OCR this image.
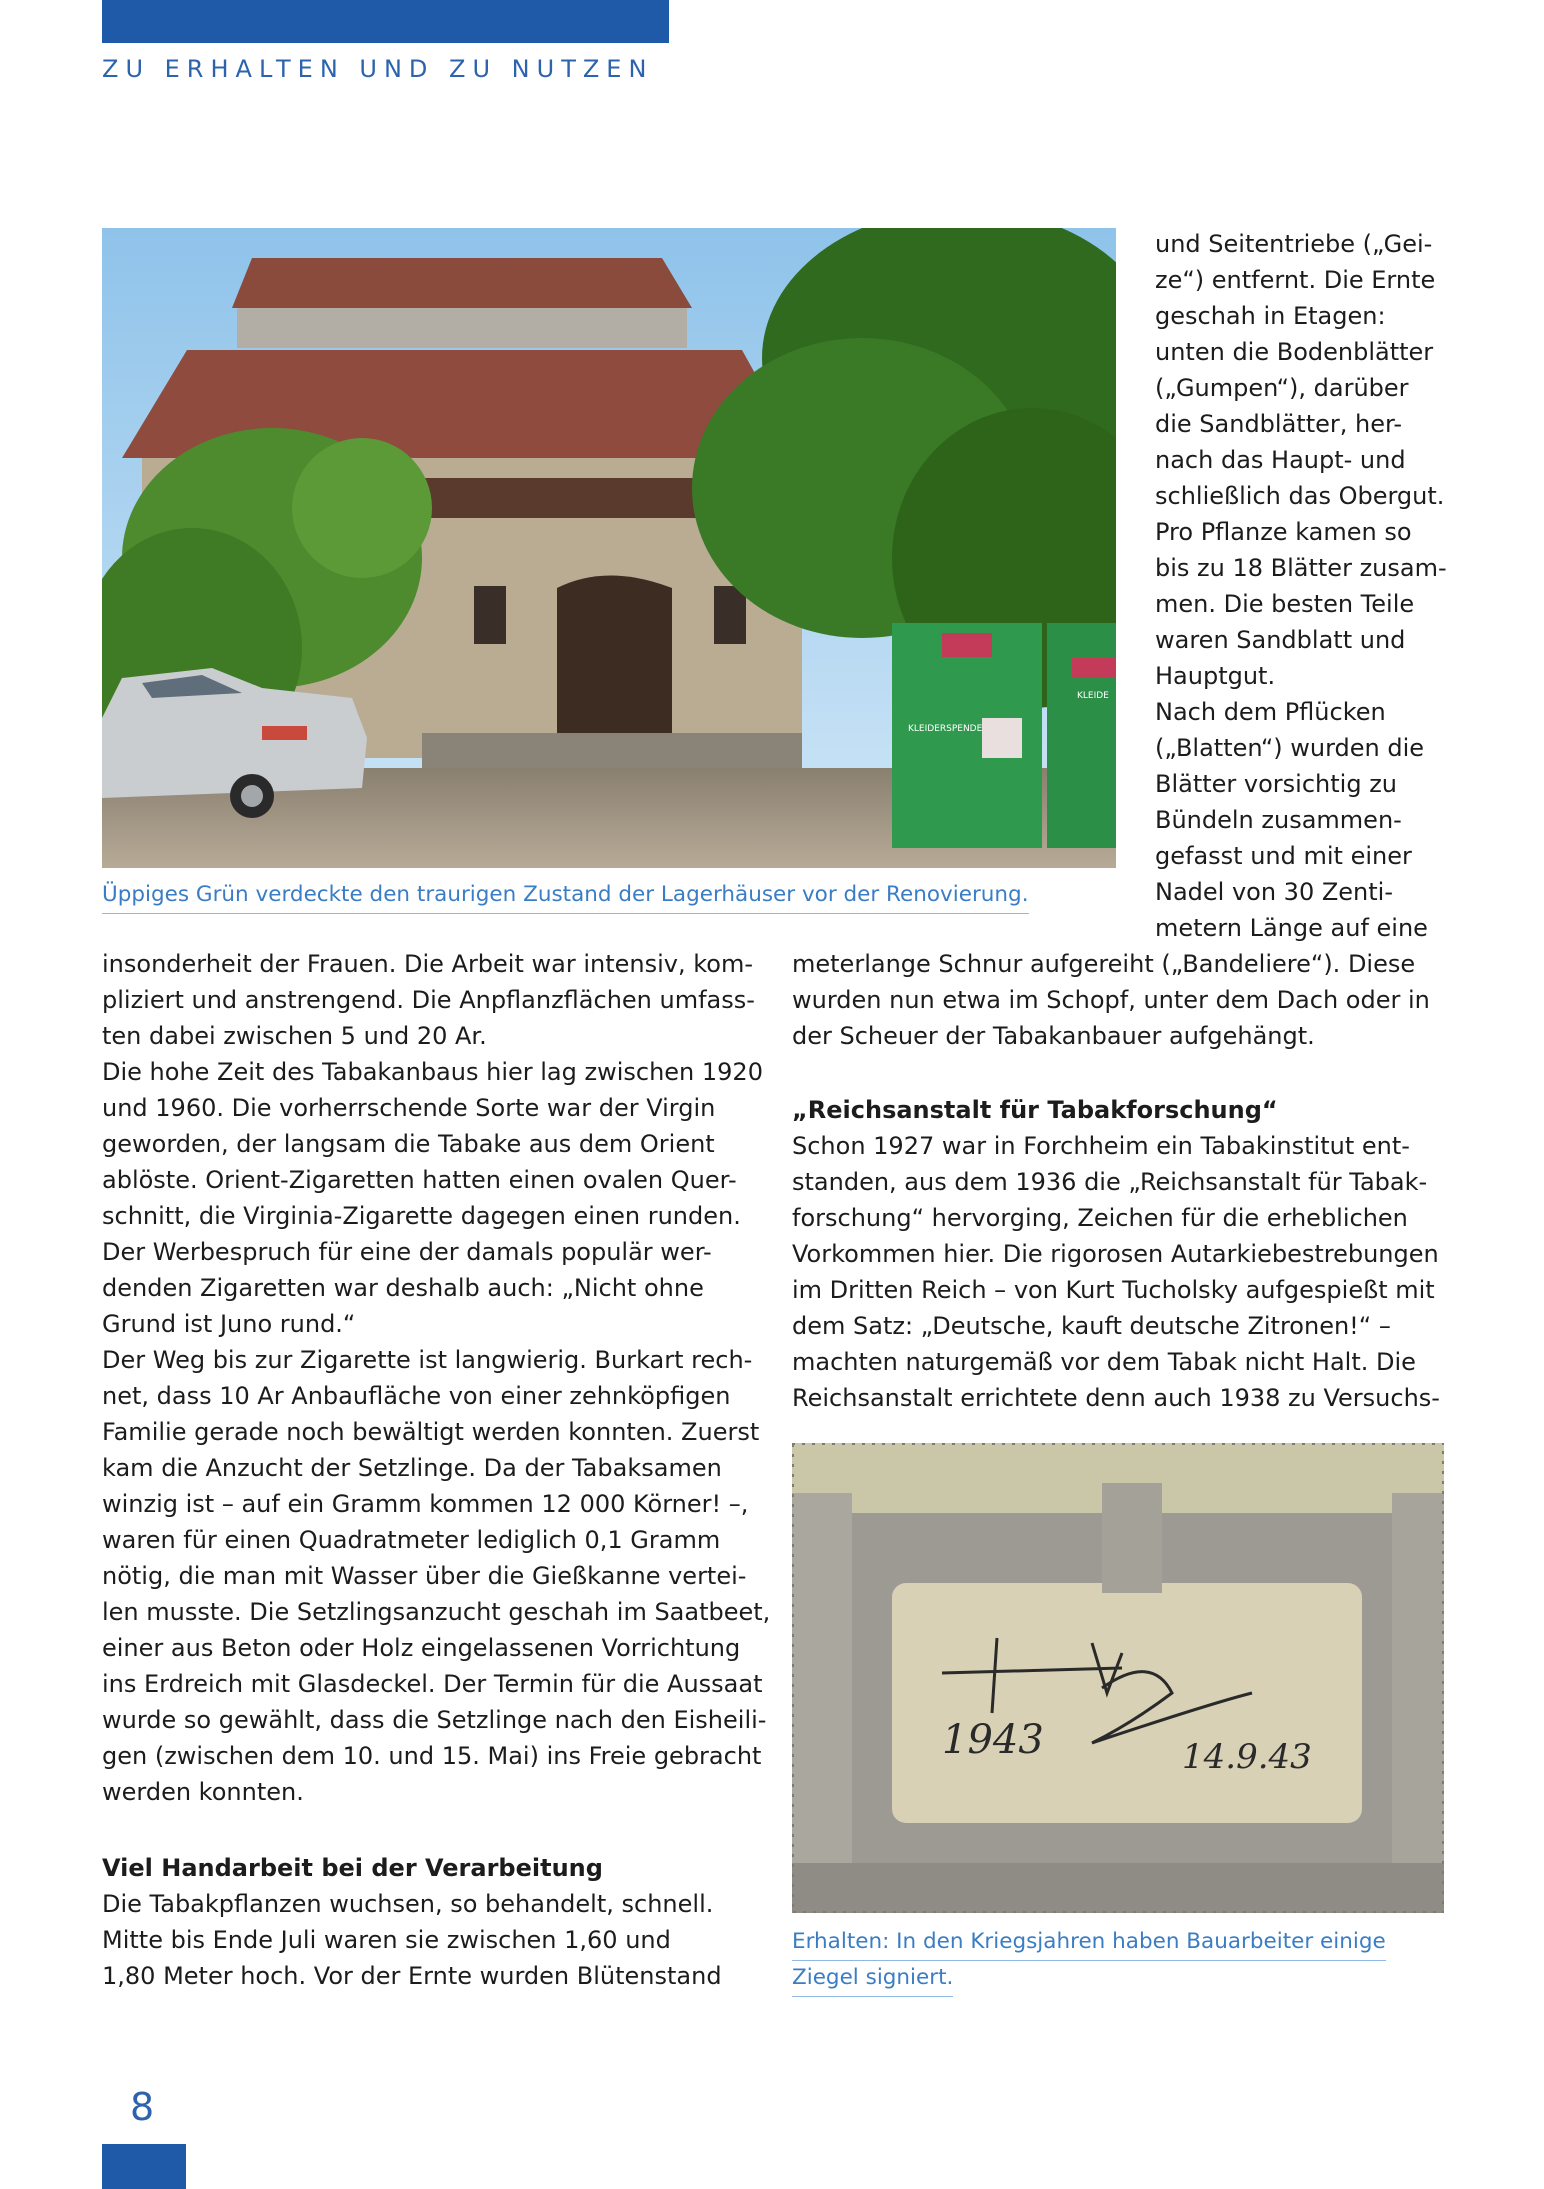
ZU ERHALTEN UND ZU NUTZEN
KLEIDERSPENDE
KLEIDE
Üppiges Grün verdeckte den traurigen Zustand der Lagerhäuser vor der Renovierung.
und Seitentriebe („Gei-
ze“) entfernt. Die Ernte
geschah in Etagen:
unten die Bodenblätter
(„Gumpen“), darüber
die Sandblätter, her-
nach das Haupt- und
schließlich das Obergut.
Pro Pflanze kamen so
bis zu 18 Blätter zusam-
men. Die besten Teile
waren Sandblatt und
Hauptgut.
Nach dem Pflücken
(„Blatten“) wurden die
Blätter vorsichtig zu
Bündeln zusammen-
gefasst und mit einer
Nadel von 30 Zenti-
metern Länge auf eine
meterlange Schnur aufgereiht („Bandeliere“). Diese
wurden nun etwa im Schopf, unter dem Dach oder in
der Scheuer der Tabakanbauer aufgehängt.
„Reichsanstalt für Tabakforschung“
Schon 1927 war in Forchheim ein Tabakinstitut ent-
standen, aus dem 1936 die „Reichsanstalt für Tabak-
forschung“ hervorging, Zeichen für die erheblichen
Vorkommen hier. Die rigorosen Autarkiebestrebungen
im Dritten Reich – von Kurt Tucholsky aufgespießt mit
dem Satz: „Deutsche, kauft deutsche Zitronen!“ –
machten naturgemäß vor dem Tabak nicht Halt. Die
Reichsanstalt errichtete denn auch 1938 zu Versuchs-
1943	14.9.43
Erhalten: In den Kriegsjahren haben Bauarbeiter einige
Ziegel signiert.
insonderheit der Frauen. Die Arbeit war intensiv, kom-
pliziert und anstrengend. Die Anpflanzflächen umfass-
ten dabei zwischen 5 und 20 Ar.
Die hohe Zeit des Tabakanbaus hier lag zwischen 1920
und 1960. Die vorherrschende Sorte war der Virgin
geworden, der langsam die Tabake aus dem Orient
ablöste. Orient-Zigaretten hatten einen ovalen Quer-
schnitt, die Virginia-Zigarette dagegen einen runden.
Der Werbespruch für eine der damals populär wer-
denden Zigaretten war deshalb auch: „Nicht ohne
Grund ist Juno rund.“
Der Weg bis zur Zigarette ist langwierig. Burkart rech-
net, dass 10 Ar Anbaufläche von einer zehnköpfigen
Familie gerade noch bewältigt werden konnten. Zuerst
kam die Anzucht der Setzlinge. Da der Tabaksamen
winzig ist – auf ein Gramm kommen 12 000 Körner! –,
waren für einen Quadratmeter lediglich 0,1 Gramm
nötig, die man mit Wasser über die Gießkanne vertei-
len musste. Die Setzlingsanzucht geschah im Saatbeet,
einer aus Beton oder Holz eingelassenen Vorrichtung
ins Erdreich mit Glasdeckel. Der Termin für die Aussaat
wurde so gewählt, dass die Setzlinge nach den Eisheili-
gen (zwischen dem 10. und 15. Mai) ins Freie gebracht
werden konnten.
Viel Handarbeit bei der Verarbeitung
Die Tabakpflanzen wuchsen, so behandelt, schnell.
Mitte bis Ende Juli waren sie zwischen 1,60 und
1,80 Meter hoch. Vor der Ernte wurden Blütenstand
8
